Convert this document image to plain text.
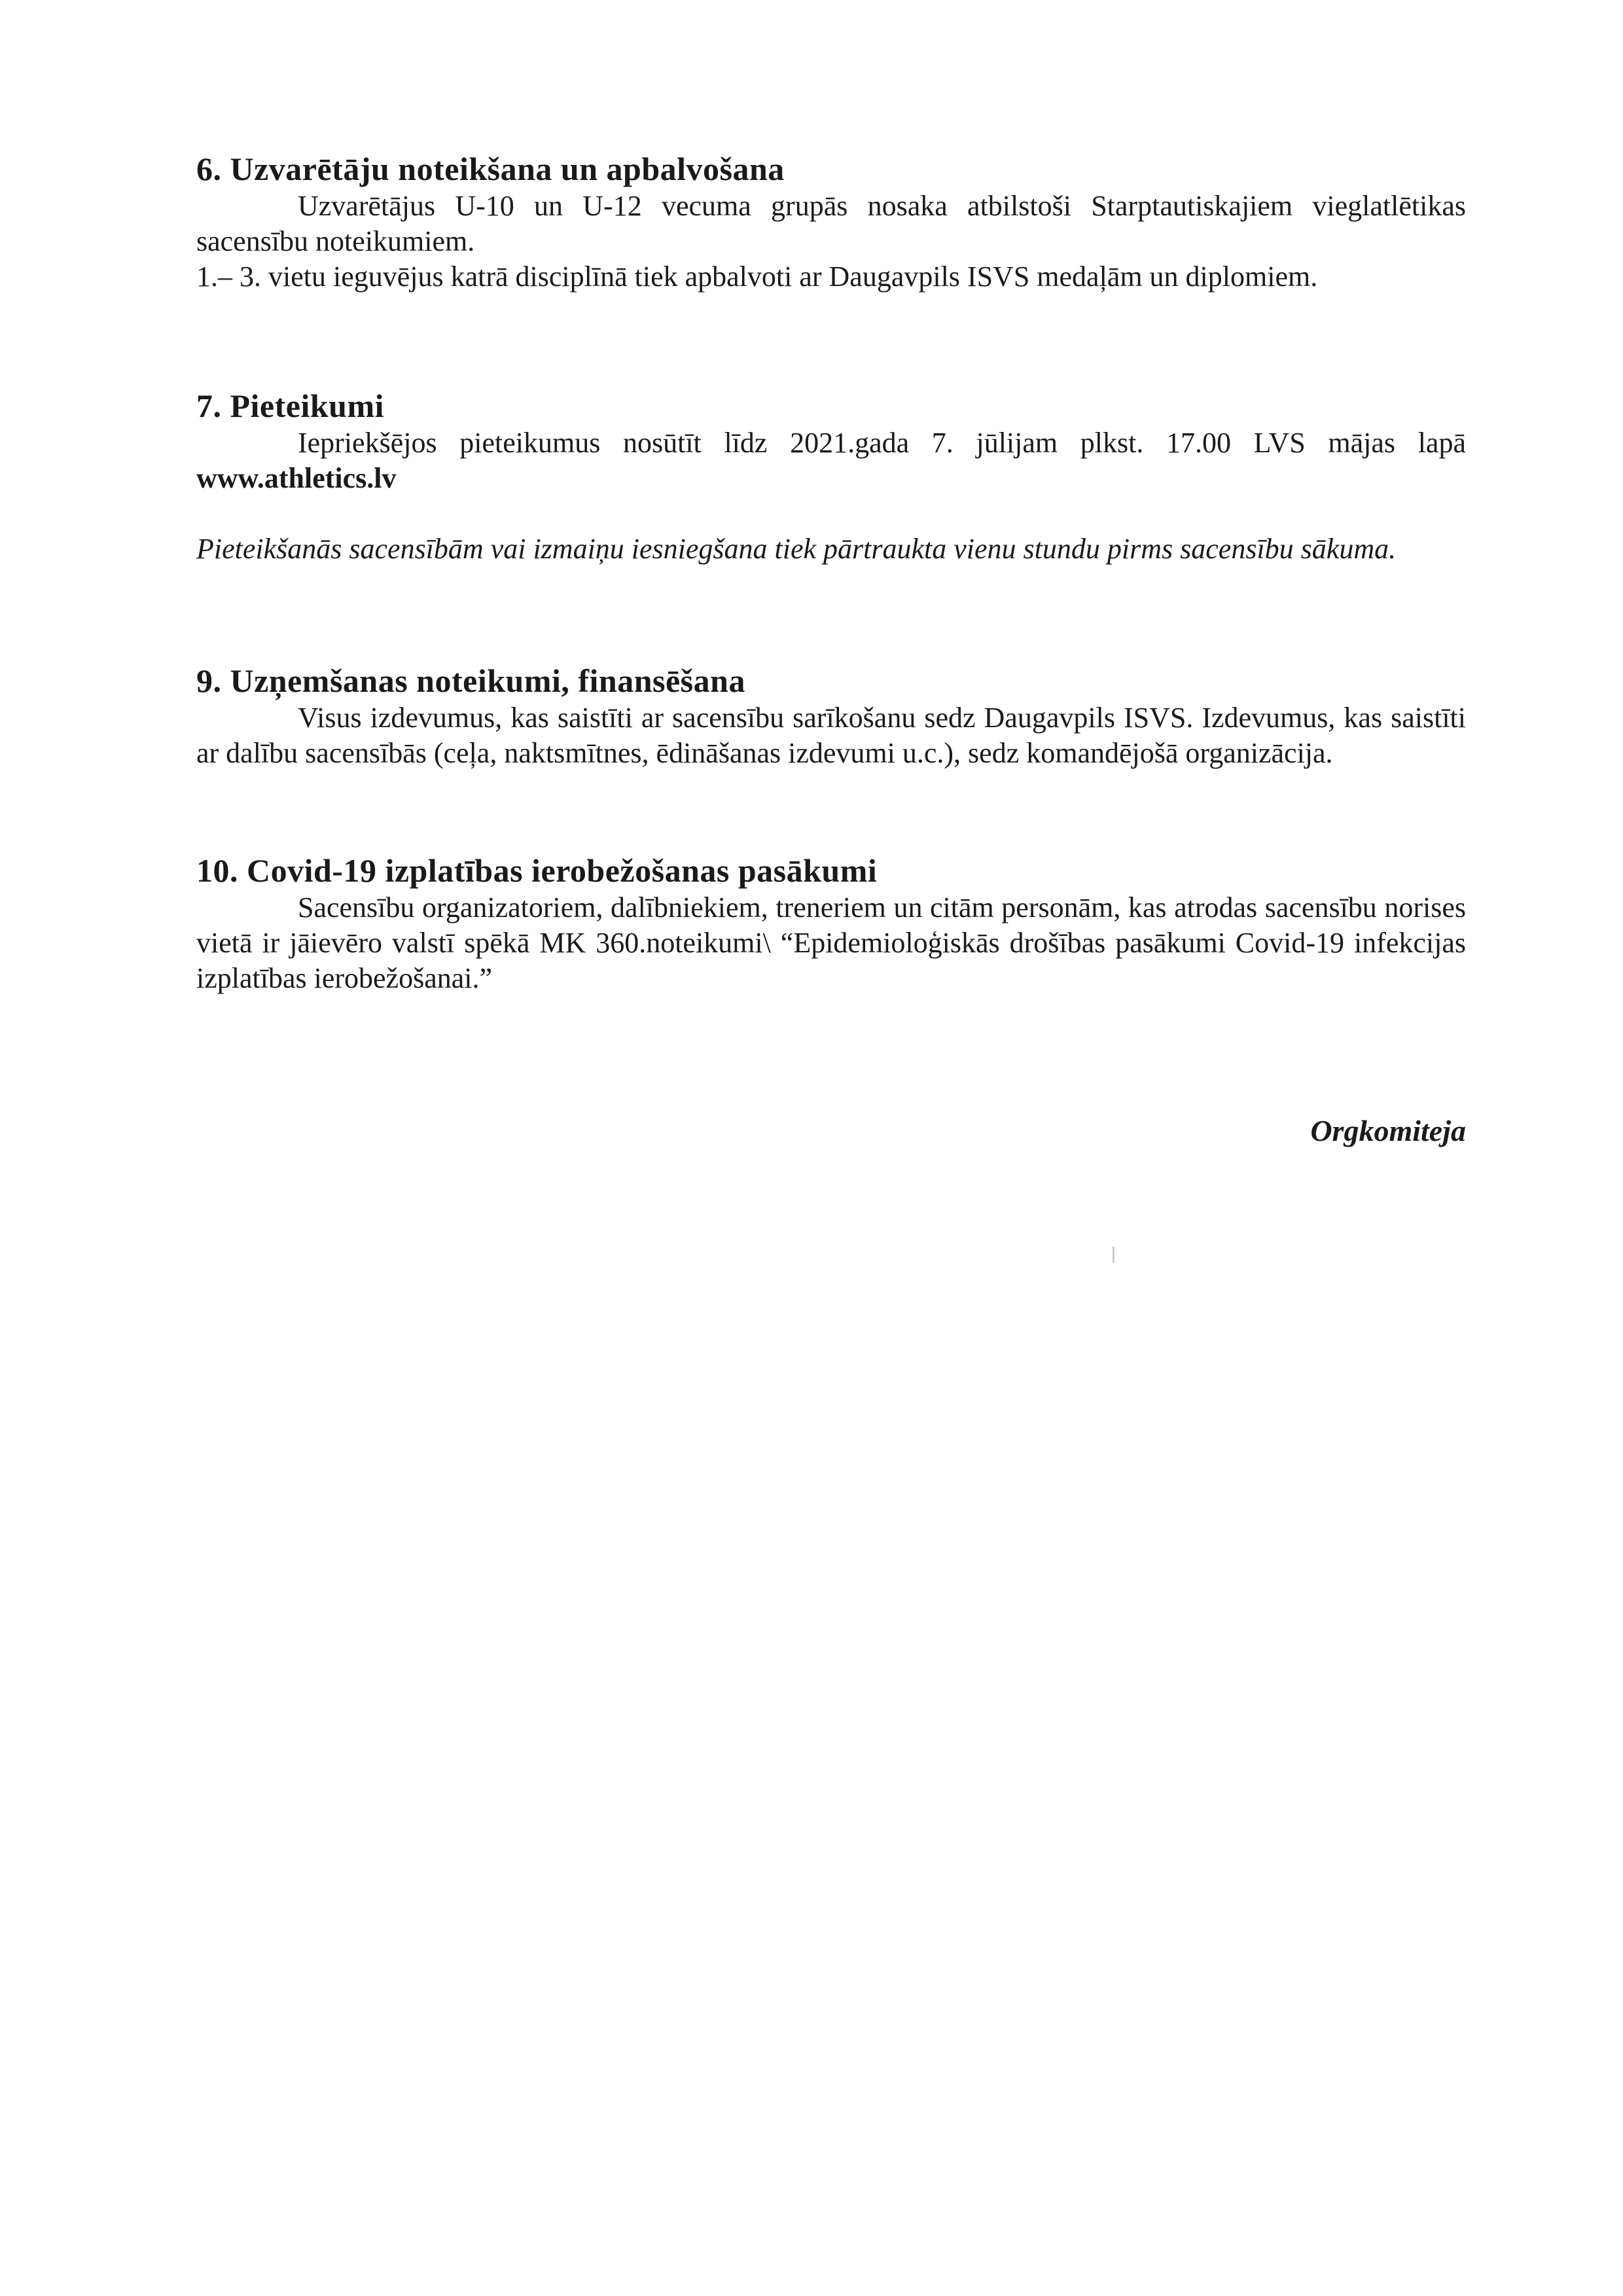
6. Uzvarētāju noteikšana un apbalvošana

Uzvarētājus U-10 un U-12 vecuma grupās nosaka atbilstoši Starptautiskajiem vieglatlētikas sacensību noteikumiem.

1.– 3. vietu ieguvējus katrā disciplīnā tiek apbalvoti ar Daugavpils ISVS medaļām un diplomiem.

7. Pieteikumi

Iepriekšējos pieteikumus nosūtīt līdz 2021.gada 7. jūlijam plkst. 17.00 LVS mājas lapā www.athletics.lv

Pieteikšanās sacensībām vai izmaiņu iesniegšana tiek pārtraukta vienu stundu pirms sacensību sākuma.

9. Uzņemšanas noteikumi, finansēšana

Visus izdevumus, kas saistīti ar sacensību sarīkošanu sedz Daugavpils ISVS. Izdevumus, kas saistīti ar dalību sacensībās (ceļa, naktsmītnes, ēdināšanas izdevumi u.c.), sedz komandējošā organizācija.

10. Covid-19 izplatības ierobežošanas pasākumi

Sacensību organizatoriem, dalībniekiem, treneriem un citām personām, kas atrodas sacensību norises vietā ir jāievēro valstī spēkā MK 360.noteikumi\ “Epidemioloģiskās drošības pasākumi Covid-19 infekcijas izplatības ierobežošanai.”

Orgkomiteja
